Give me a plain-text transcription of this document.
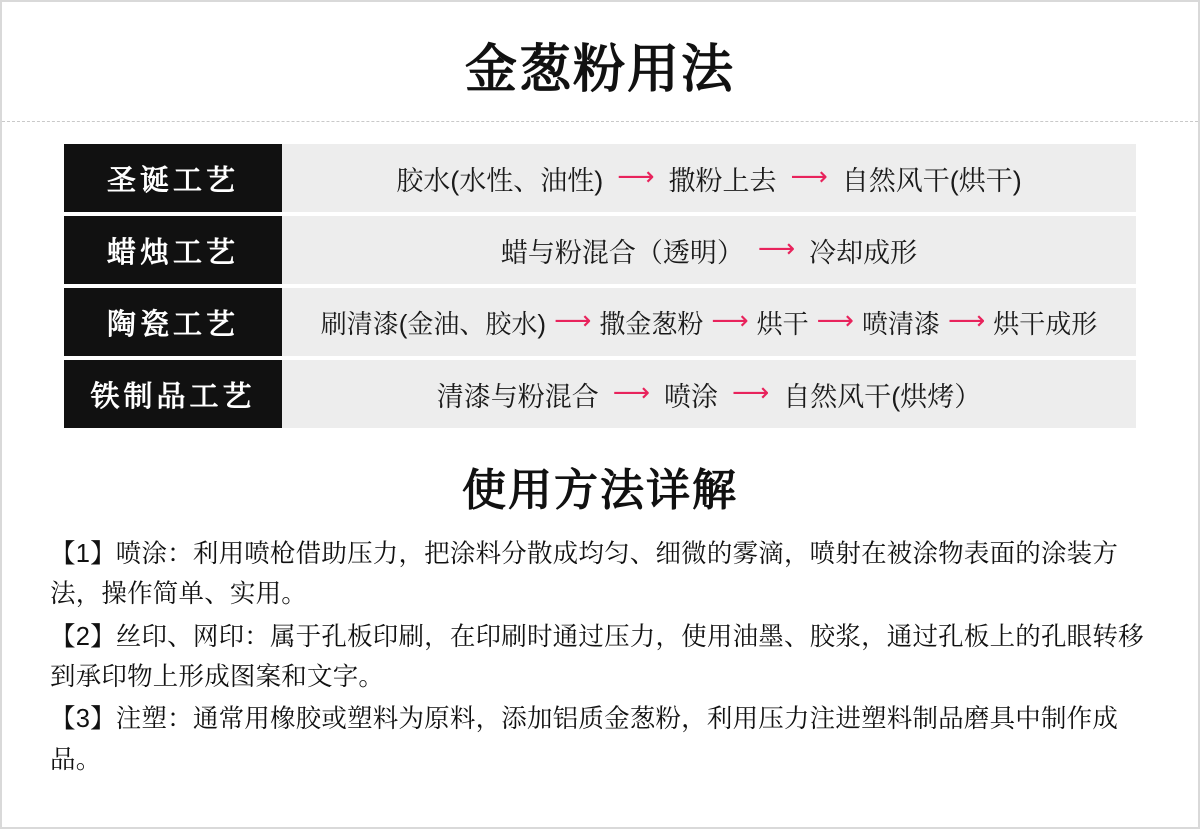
金葱粉用法
圣诞工艺	胶水(水性、油性) ⟶ 撒粉上去 ⟶ 自然风干(烘干)
蜡烛工艺	蜡与粉混合（透明） ⟶ 冷却成形
陶瓷工艺	刷清漆(金油、胶水) ⟶ 撒金葱粉 ⟶ 烘干 ⟶ 喷清漆 ⟶ 烘干成形
铁制品工艺	清漆与粉混合 ⟶ 喷涂 ⟶ 自然风干(烘烤）
使用方法详解

【1】喷涂：利用喷枪借助压力，把涂料分散成均匀、细微的雾滴，喷射在被涂物表面的涂装方法，操作简单、实用。

【2】丝印、网印：属于孔板印刷，在印刷时通过压力，使用油墨、胶浆，通过孔板上的孔眼转移到承印物上形成图案和文字。

【3】注塑：通常用橡胶或塑料为原料，添加铝质金葱粉，利用压力注进塑料制品磨具中制作成品。
